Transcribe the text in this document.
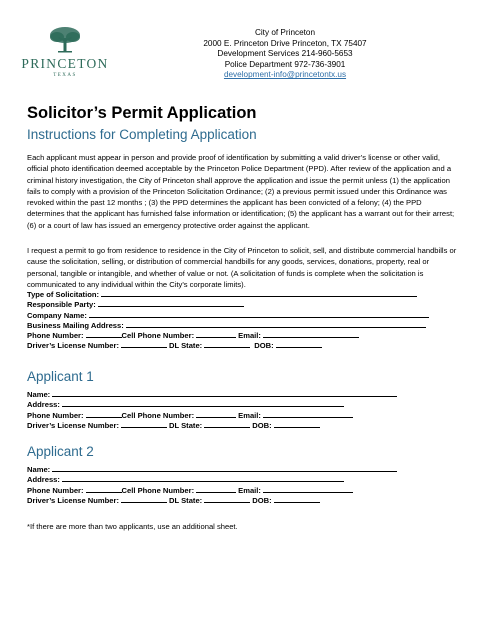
PRINCETON
TEXAS
City of Princeton
2000 E. Princeton Drive Princeton, TX 75407
Development Services 214-960-5653
Police Department 972-736-3901
development-info@princetontx.us
Solicitor’s Permit Application
Instructions for Completing Application
Each applicant must appear in person and provide proof of identification by submitting a valid driver’s license or other valid, official photo identification deemed acceptable by the Princeton Police Department (PPD). After review of the application and a criminal history investigation, the City of Princeton shall approve the application and issue the permit unless (1) the application fails to comply with a provision of the Princeton Solicitation Ordinance; (2) a previous permit issued under this Ordinance was revoked within the past 12 months ; (3) the PPD determines the applicant has been convicted of a felony; (4) the PPD determines that the applicant has furnished false information or identification; (5) the applicant has a warrant out for their arrest; (6) or a court of law has issued an emergency protective order against the applicant.
I request a permit to go from residence to residence in the City of Princeton to solicit, sell, and distribute commercial handbills or cause the solicitation, selling, or distribution of commercial handbills for any goods, services, donations, property, real or personal, tangible or intangible, and whether of value or not. (A solicitation of funds is complete when the solicitation is communicated to any individual within the City's corporate limits).
Type of Solicitation:
Responsible Party:
Company Name:
Business Mailing Address:
Phone Number:	Cell Phone Number:	Email:
Driver’s License Number:	DL State:	DOB:
Applicant 1
Name:
Address:
Phone Number:	Cell Phone Number:	Email:
Driver’s License Number:	DL State:	DOB:
Applicant 2
Name:
Address:
Phone Number:	Cell Phone Number:	Email:
Driver’s License Number:	DL State:	DOB:
*If there are more than two applicants, use an additional sheet.
